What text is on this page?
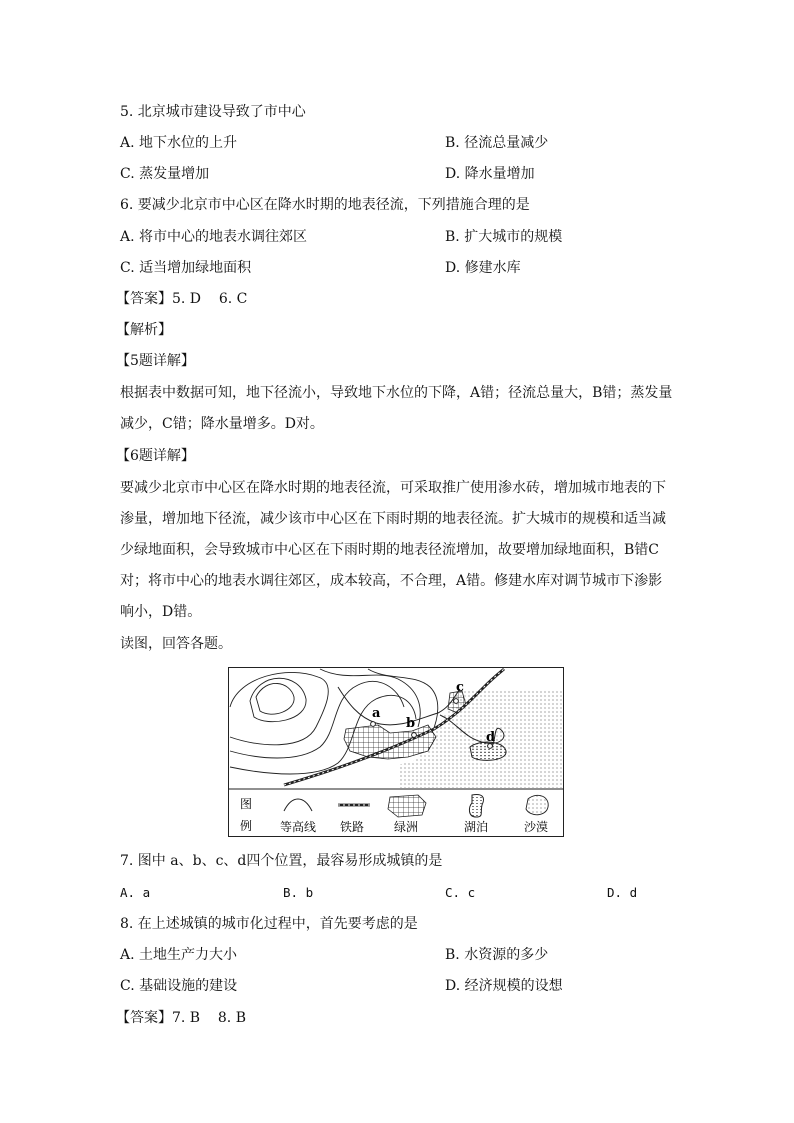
5. 北京城市建设导致了市中心
A. 地下水位的上升	B. 径流总量减少
C. 蒸发量增加	D. 降水量增加
6. 要减少北京市中心区在降水时期的地表径流，下列措施合理的是
A. 将市中心的地表水调往郊区	B. 扩大城市的规模
C. 适当增加绿地面积	D. 修建水库
【答案】5. D    6. C
【解析】
【5题详解】
根据表中数据可知，地下径流小，导致地下水位的下降，A错；径流总量大，B错；蒸发量减少，C错；降水量增多。D对。
【6题详解】
要减少北京市中心区在降水时期的地表径流，可采取推广使用渗水砖，增加城市地表的下渗量，增加地下径流，减少该市中心区在下雨时期的地表径流。扩大城市的规模和适当减少绿地面积，会导致城市中心区在下雨时期的地表径流增加，故要增加绿地面积，B错C对；将市中心的地表水调往郊区，成本较高，不合理，A错。修建水库对调节城市下渗影响小，D错。
读图，回答各题。
a
b
c
d
图
例 等高线 铁路 绿洲	湖泊	沙漠
7. 图中 a、b、c、d四个位置，最容易形成城镇的是
A. a	B. b	C. c	D. d
8. 在上述城镇的城市化过程中，首先要考虑的是
A. 土地生产力大小	B. 水资源的多少
C. 基础设施的建设	D. 经济规模的设想
【答案】7. B    8. B
